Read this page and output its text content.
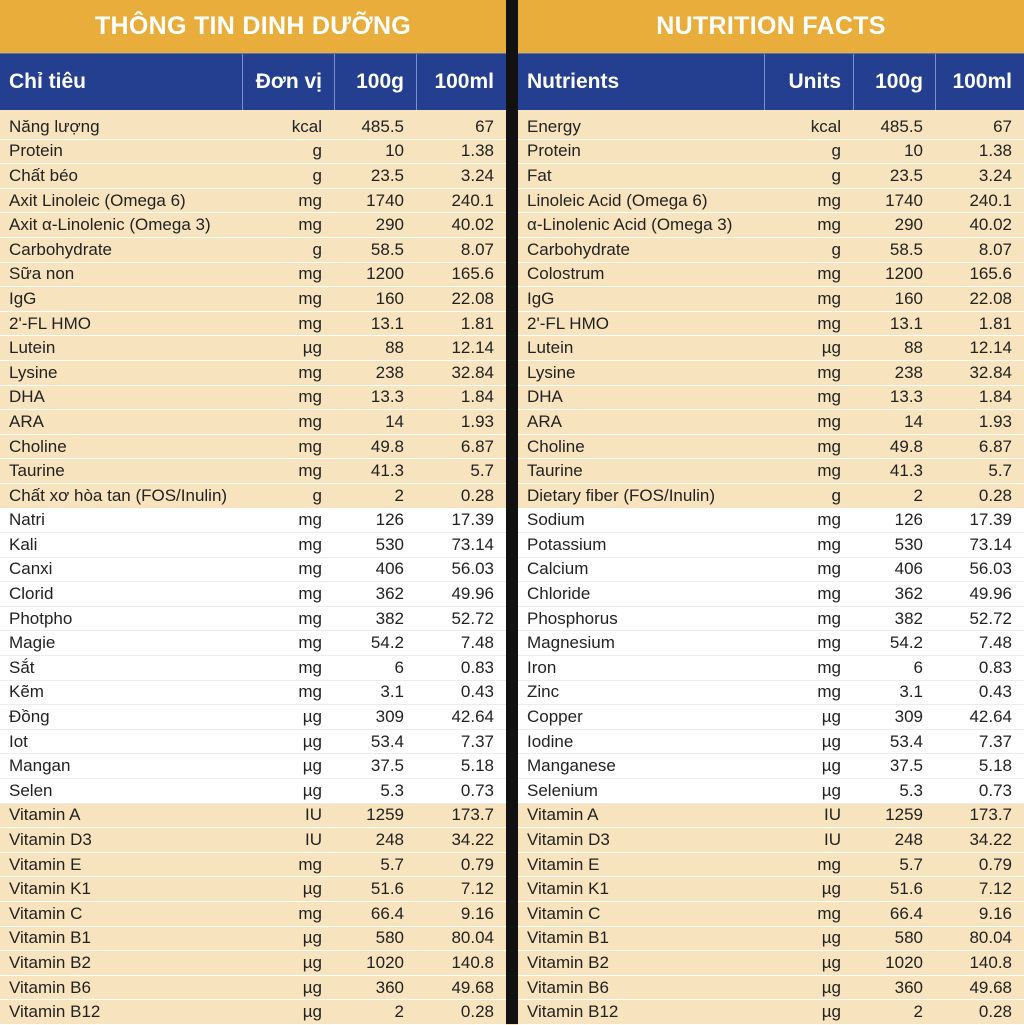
THÔNG TIN DINH DƯỠNG
Chỉ tiêu	Đơn vị	100g	100ml
Năng lượng	kcal	485.5	67
Protein	g	10	1.38
Chất béo	g	23.5	3.24
Axit Linoleic (Omega 6)	mg	1740	240.1
Axit α-Linolenic (Omega 3)	mg	290	40.02
Carbohydrate	g	58.5	8.07
Sữa non	mg	1200	165.6
IgG	mg	160	22.08
2'-FL HMO	mg	13.1	1.81
Lutein	µg	88	12.14
Lysine	mg	238	32.84
DHA	mg	13.3	1.84
ARA	mg	14	1.93
Choline	mg	49.8	6.87
Taurine	mg	41.3	5.7
Chất xơ hòa tan (FOS/Inulin)	g	2	0.28
Natri	mg	126	17.39
Kali	mg	530	73.14
Canxi	mg	406	56.03
Clorid	mg	362	49.96
Photpho	mg	382	52.72
Magie	mg	54.2	7.48
Sắt	mg	6	0.83
Kẽm	mg	3.1	0.43
Đồng	µg	309	42.64
Iot	µg	53.4	7.37
Mangan	µg	37.5	5.18
Selen	µg	5.3	0.73
Vitamin A	IU	1259	173.7
Vitamin D3	IU	248	34.22
Vitamin E	mg	5.7	0.79
Vitamin K1	µg	51.6	7.12
Vitamin C	mg	66.4	9.16
Vitamin B1	µg	580	80.04
Vitamin B2	µg	1020	140.8
Vitamin B6	µg	360	49.68
Vitamin B12	µg	2	0.28
NUTRITION FACTS
Nutrients	Units	100g	100ml
Energy	kcal	485.5	67
Protein	g	10	1.38
Fat	g	23.5	3.24
Linoleic Acid (Omega 6)	mg	1740	240.1
α-Linolenic Acid (Omega 3)	mg	290	40.02
Carbohydrate	g	58.5	8.07
Colostrum	mg	1200	165.6
IgG	mg	160	22.08
2'-FL HMO	mg	13.1	1.81
Lutein	µg	88	12.14
Lysine	mg	238	32.84
DHA	mg	13.3	1.84
ARA	mg	14	1.93
Choline	mg	49.8	6.87
Taurine	mg	41.3	5.7
Dietary fiber (FOS/Inulin)	g	2	0.28
Sodium	mg	126	17.39
Potassium	mg	530	73.14
Calcium	mg	406	56.03
Chloride	mg	362	49.96
Phosphorus	mg	382	52.72
Magnesium	mg	54.2	7.48
Iron	mg	6	0.83
Zinc	mg	3.1	0.43
Copper	µg	309	42.64
Iodine	µg	53.4	7.37
Manganese	µg	37.5	5.18
Selenium	µg	5.3	0.73
Vitamin A	IU	1259	173.7
Vitamin D3	IU	248	34.22
Vitamin E	mg	5.7	0.79
Vitamin K1	µg	51.6	7.12
Vitamin C	mg	66.4	9.16
Vitamin B1	µg	580	80.04
Vitamin B2	µg	1020	140.8
Vitamin B6	µg	360	49.68
Vitamin B12	µg	2	0.28
